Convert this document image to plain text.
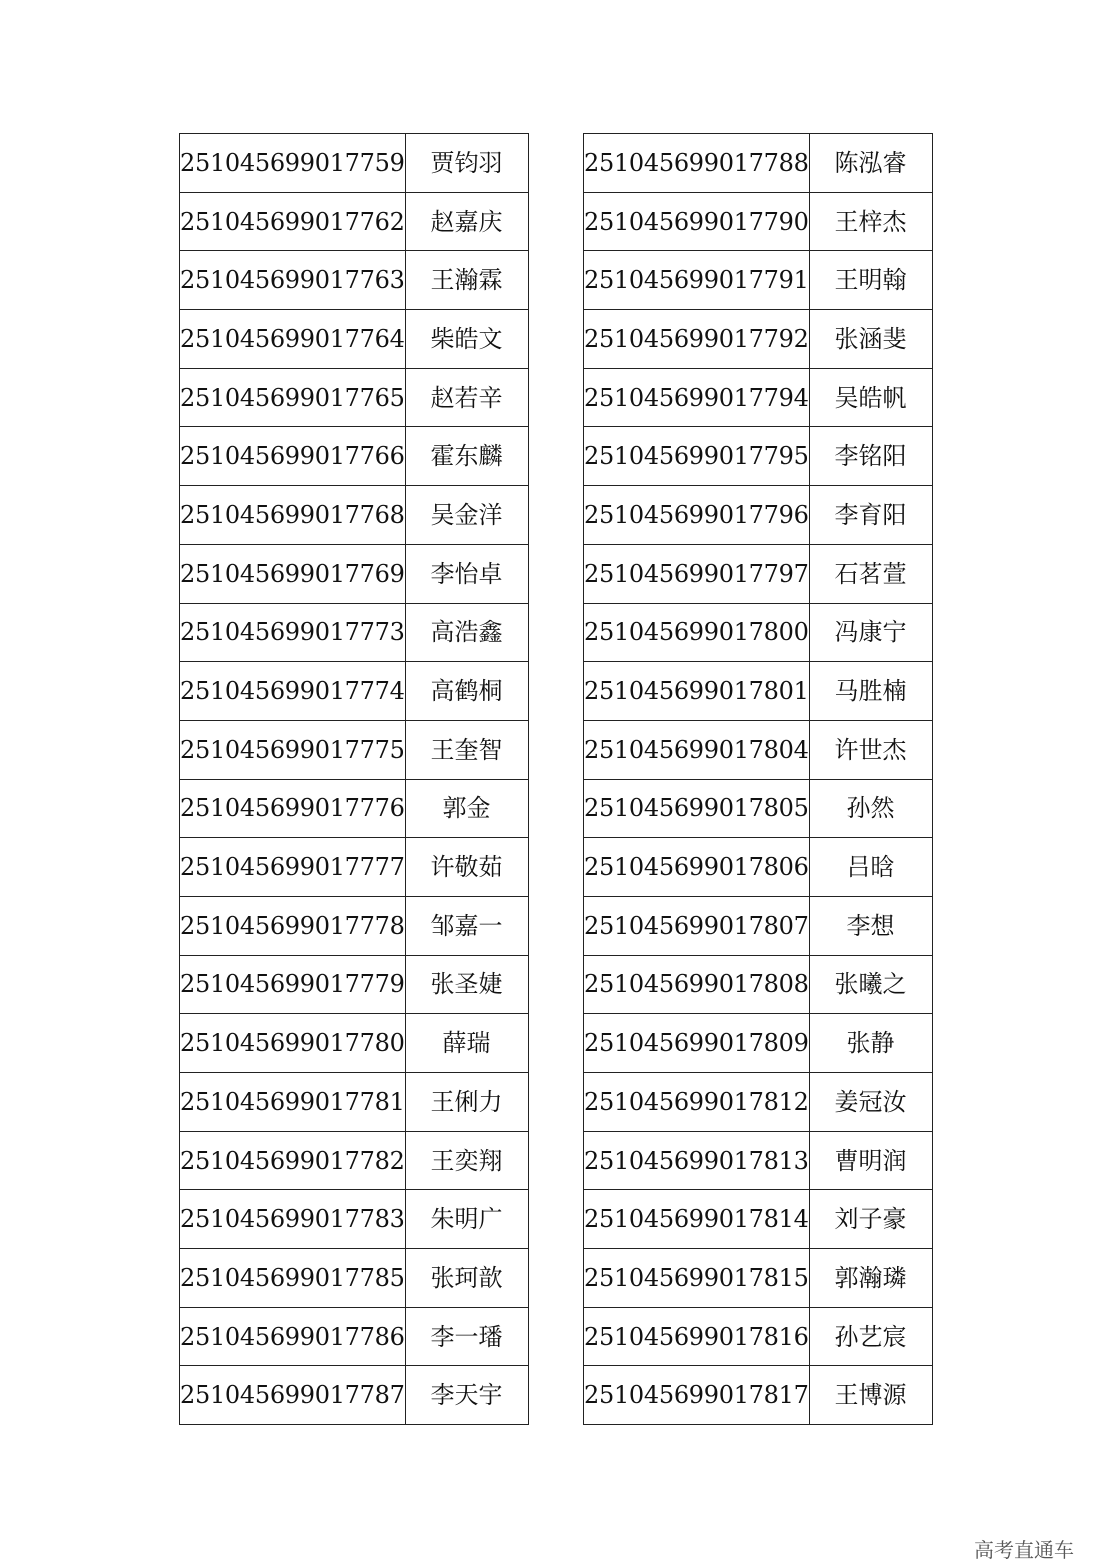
251045699017759	贾钧羽
251045699017762	赵嘉庆
251045699017763	王瀚霖
251045699017764	柴皓文
251045699017765	赵若辛
251045699017766	霍东麟
251045699017768	吴金洋
251045699017769	李怡卓
251045699017773	高浩鑫
251045699017774	高鹤桐
251045699017775	王奎智
251045699017776	郭金
251045699017777	许敬茹
251045699017778	邹嘉一
251045699017779	张圣婕
251045699017780	薛瑞
251045699017781	王俐力
251045699017782	王奕翔
251045699017783	朱明广
251045699017785	张珂歆
251045699017786	李一璠
251045699017787	李天宇
251045699017788	陈泓睿
251045699017790	王梓杰
251045699017791	王明翰
251045699017792	张涵斐
251045699017794	吴皓帆
251045699017795	李铭阳
251045699017796	李育阳
251045699017797	石茗萱
251045699017800	冯康宁
251045699017801	马胜楠
251045699017804	许世杰
251045699017805	孙然
251045699017806	吕晗
251045699017807	李想
251045699017808	张曦之
251045699017809	张静
251045699017812	姜冠汝
251045699017813	曹明润
251045699017814	刘子豪
251045699017815	郭瀚璘
251045699017816	孙艺宸
251045699017817	王博源
高考直通车
